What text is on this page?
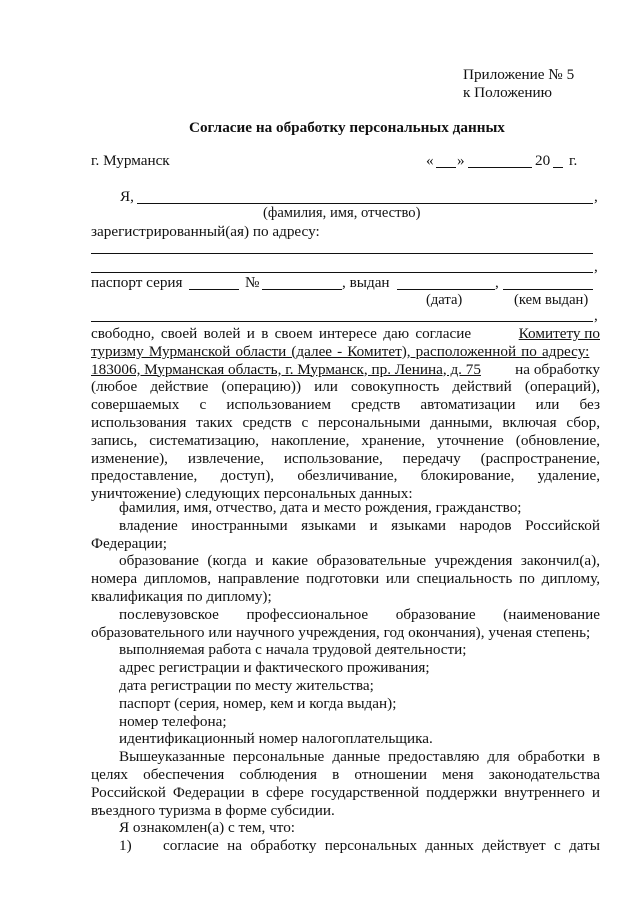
Приложение № 5
к Положению
Согласие на обработку персональных данных
г. Мурманск	« »	20 г.
Я,	,
(фамилия, имя, отчество)
зарегистрированный(ая) по адресу:
,
паспорт серия	№	, выдан	,
(дата)	(кем выдан)
,
свободно, своей волей и в своем интересе даю согласие	Комитету по
туризму Мурманской области (далее - Комитет), расположенной по адресу:
183006, Мурманская область, г. Мурманск, пр. Ленина, д. 75 на обработку
(любое действие (операцию)) или совокупность действий (операций), совершаемых с использованием средств автоматизации или без использования таких средств с персональными данными, включая сбор, запись, систематизацию, накопление, хранение, уточнение (обновление, изменение), извлечение, использование, передачу (распространение, предоставление, доступ), обезличивание, блокирование, удаление, уничтожение) следующих персональных данных:
фамилия, имя, отчество, дата и место рождения, гражданство;
владение иностранными языками и языками народов Российской Федерации;
образование (когда и какие образовательные учреждения закончил(а), номера дипломов, направление подготовки или специальность по диплому, квалификация по диплому);
послевузовское профессиональное образование (наименование образовательного или научного учреждения, год окончания), ученая степень;
выполняемая работа с начала трудовой деятельности;
адрес регистрации и фактического проживания;
дата регистрации по месту жительства;
паспорт (серия, номер, кем и когда выдан);
номер телефона;
идентификационный номер налогоплательщика.
Вышеуказанные персональные данные предоставляю для обработки в целях обеспечения соблюдения в отношении меня законодательства Российской Федерации в сфере государственной поддержки внутреннего и въездного туризма в форме субсидии.
Я ознакомлен(а) с тем, что:
1)	согласие на обработку персональных данных действует с даты
